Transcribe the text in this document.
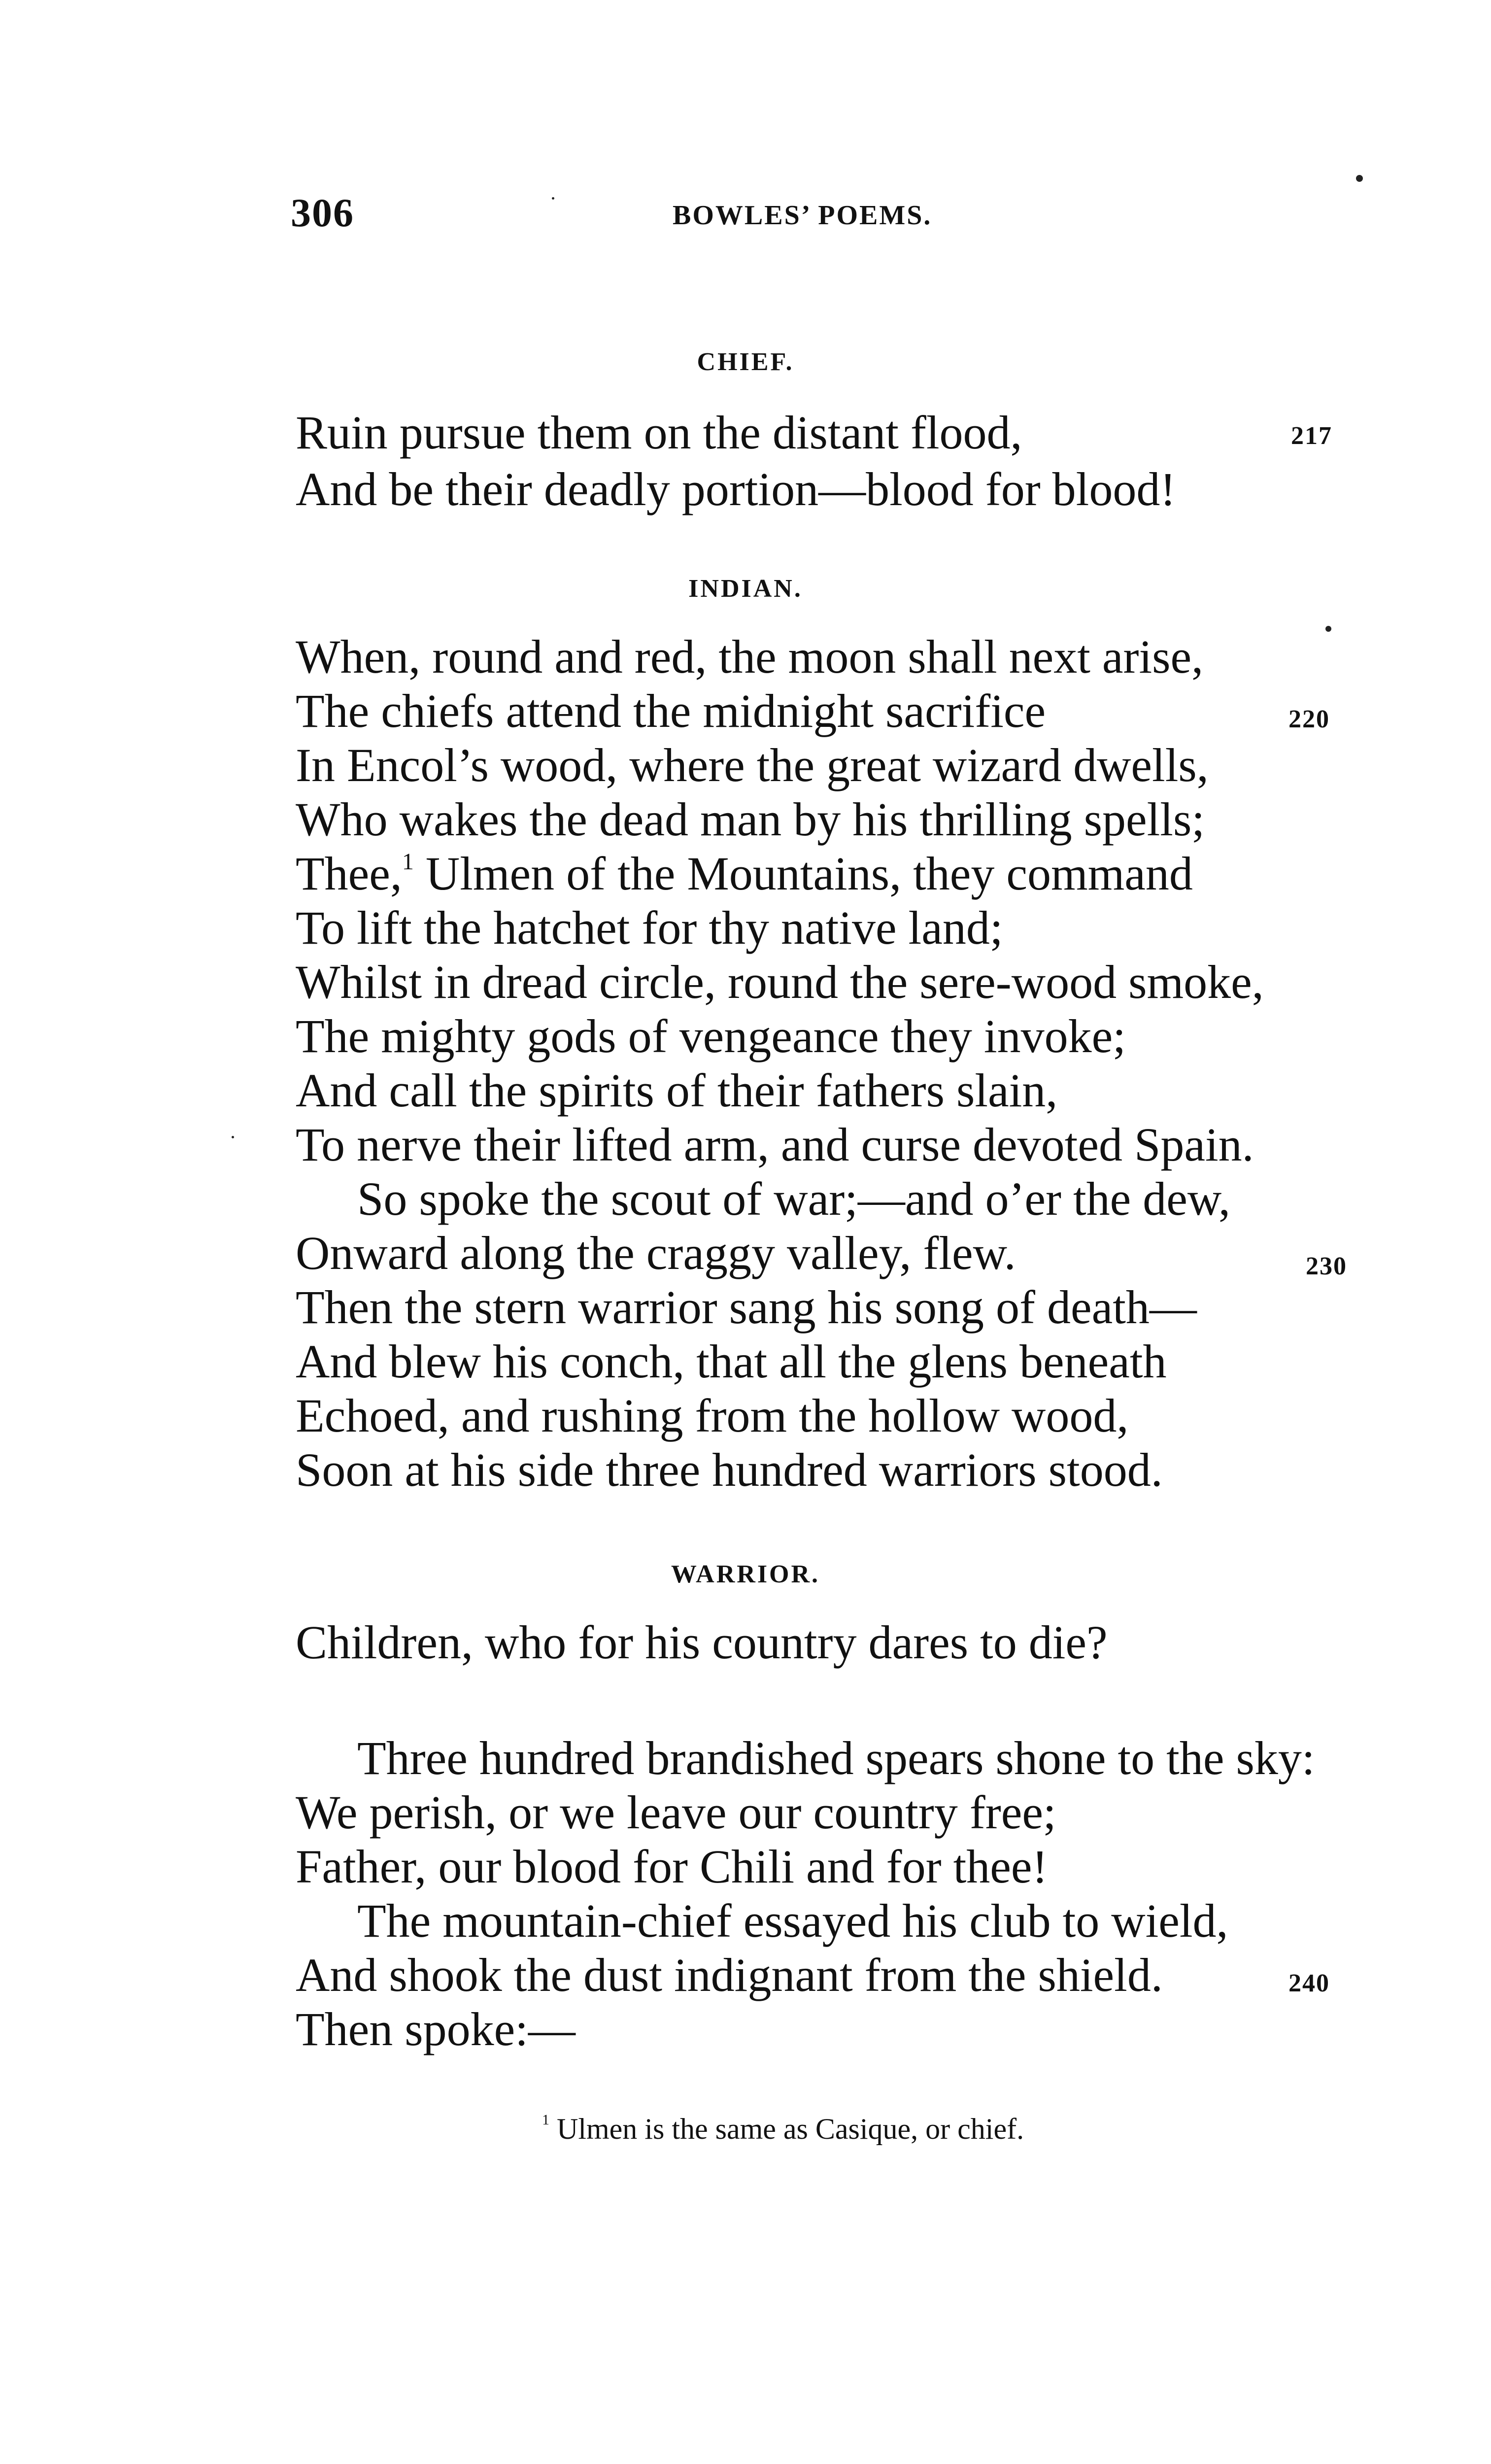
306	BOWLES’ POEMS.
CHIEF.
Ruin pursue them on the distant flood,	217
And be their deadly portion—blood for blood!
INDIAN.
When, round and red, the moon shall next arise,
The chiefs attend the midnight sacrifice	220
In Encol’s wood, where the great wizard dwells,
Who wakes the dead man by his thrilling spells;
Thee,$^1$ Ulmen of the Mountains, they command
To lift the hatchet for thy native land;
Whilst in dread circle, round the sere-wood smoke,
The mighty gods of vengeance they invoke;
And call the spirits of their fathers slain,
To nerve their lifted arm, and curse devoted Spain.
So spoke the scout of war;—and o’er the dew,
Onward along the craggy valley, flew.	230
Then the stern warrior sang his song of death—
And blew his conch, that all the glens beneath
Echoed, and rushing from the hollow wood,
Soon at his side three hundred warriors stood.
WARRIOR.
Children, who for his country dares to die?
Three hundred brandished spears shone to the sky:
We perish, or we leave our country free;
Father, our blood for Chili and for thee!
The mountain-chief essayed his club to wield,
And shook the dust indignant from the shield.	240
Then spoke:—
$^1$ Ulmen is the same as Casique, or chief.
